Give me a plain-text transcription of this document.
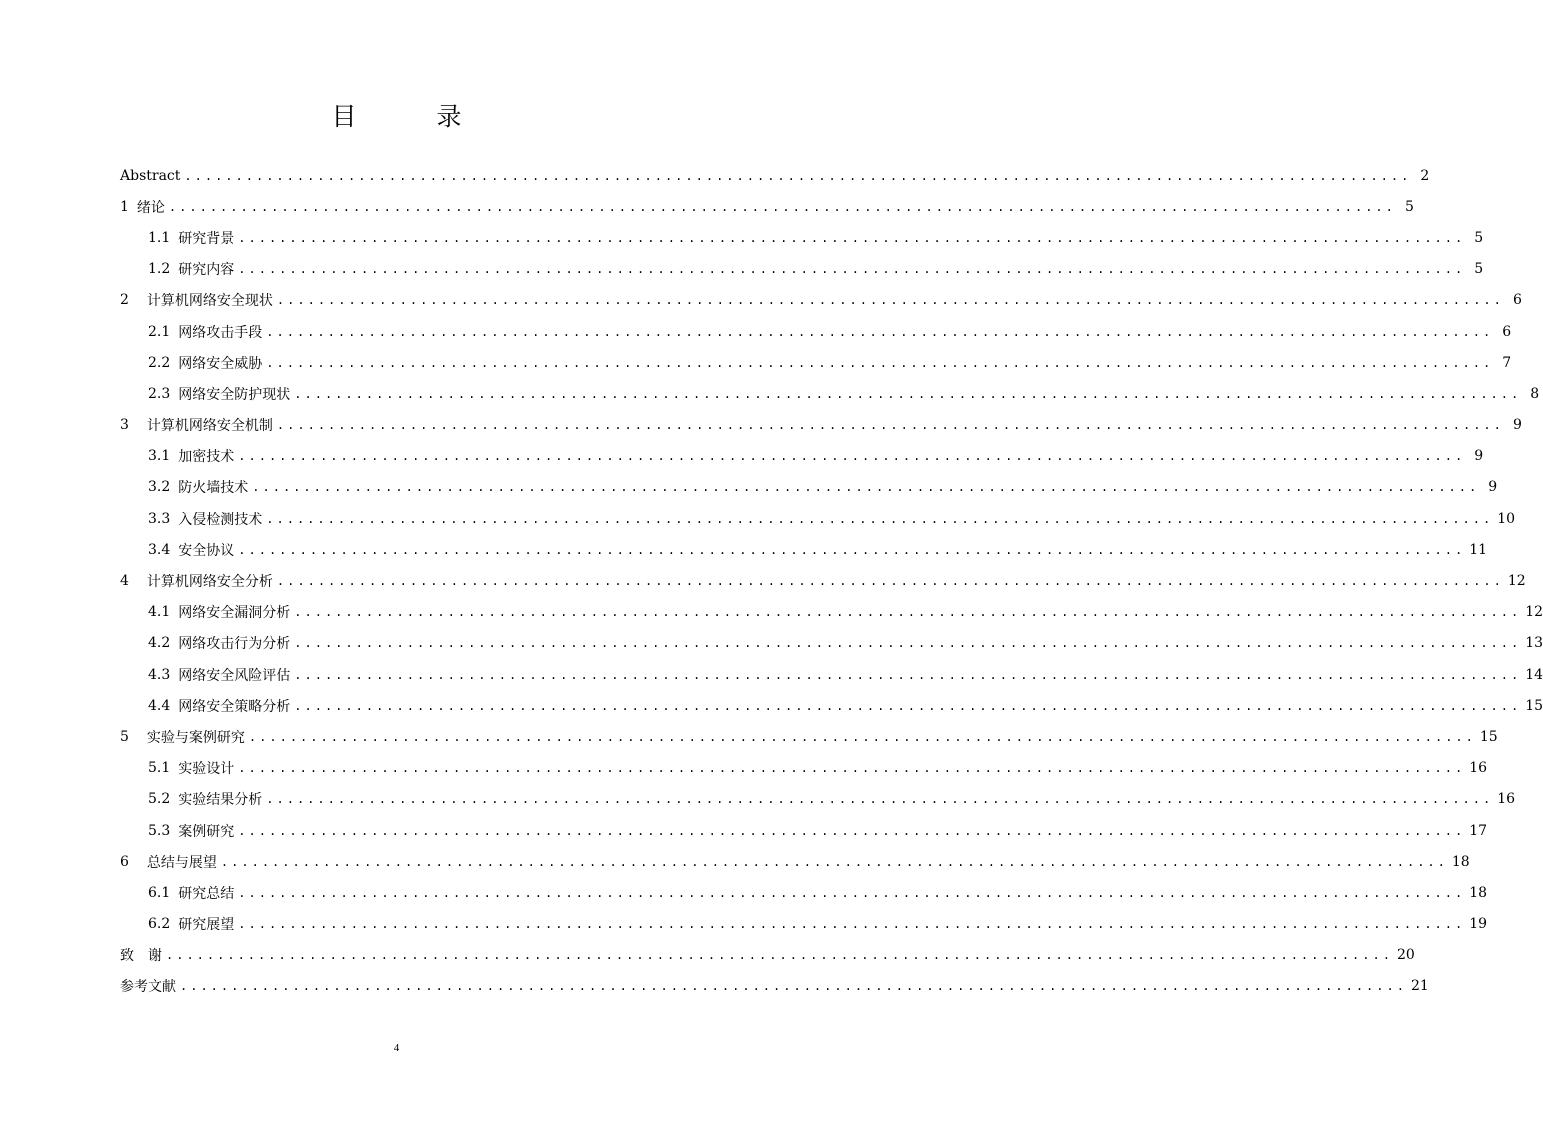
目 录
Abstract ........................................................................................................................ 2
1 绪论 ........................................................................................................................ 5
1.1 研究背景 ........................................................................................................................ 5
1.2 研究内容 ........................................................................................................................ 5
2 计算机网络安全现状 ........................................................................................................................ 6
2.1 网络攻击手段 ........................................................................................................................ 6
2.2 网络安全威胁 ........................................................................................................................ 7
2.3 网络安全防护现状 ........................................................................................................................ 8
3 计算机网络安全机制 ........................................................................................................................ 9
3.1 加密技术 ........................................................................................................................ 9
3.2 防火墙技术 ........................................................................................................................ 9
3.3 入侵检测技术 ........................................................................................................................ 10
3.4 安全协议 ........................................................................................................................ 11
4 计算机网络安全分析 ........................................................................................................................ 12
4.1 网络安全漏洞分析 ........................................................................................................................ 12
4.2 网络攻击行为分析 ........................................................................................................................ 13
4.3 网络安全风险评估 ........................................................................................................................ 14
4.4 网络安全策略分析 ........................................................................................................................ 15
5 实验与案例研究 ........................................................................................................................ 15
5.1 实验设计 ........................................................................................................................ 16
5.2 实验结果分析 ........................................................................................................................ 16
5.3 案例研究 ........................................................................................................................ 17
6 总结与展望 ........................................................................................................................ 18
6.1 研究总结 ........................................................................................................................ 18
6.2 研究展望 ........................................................................................................................ 19
致　谢 ........................................................................................................................ 20
参考文献 ........................................................................................................................ 21
4
